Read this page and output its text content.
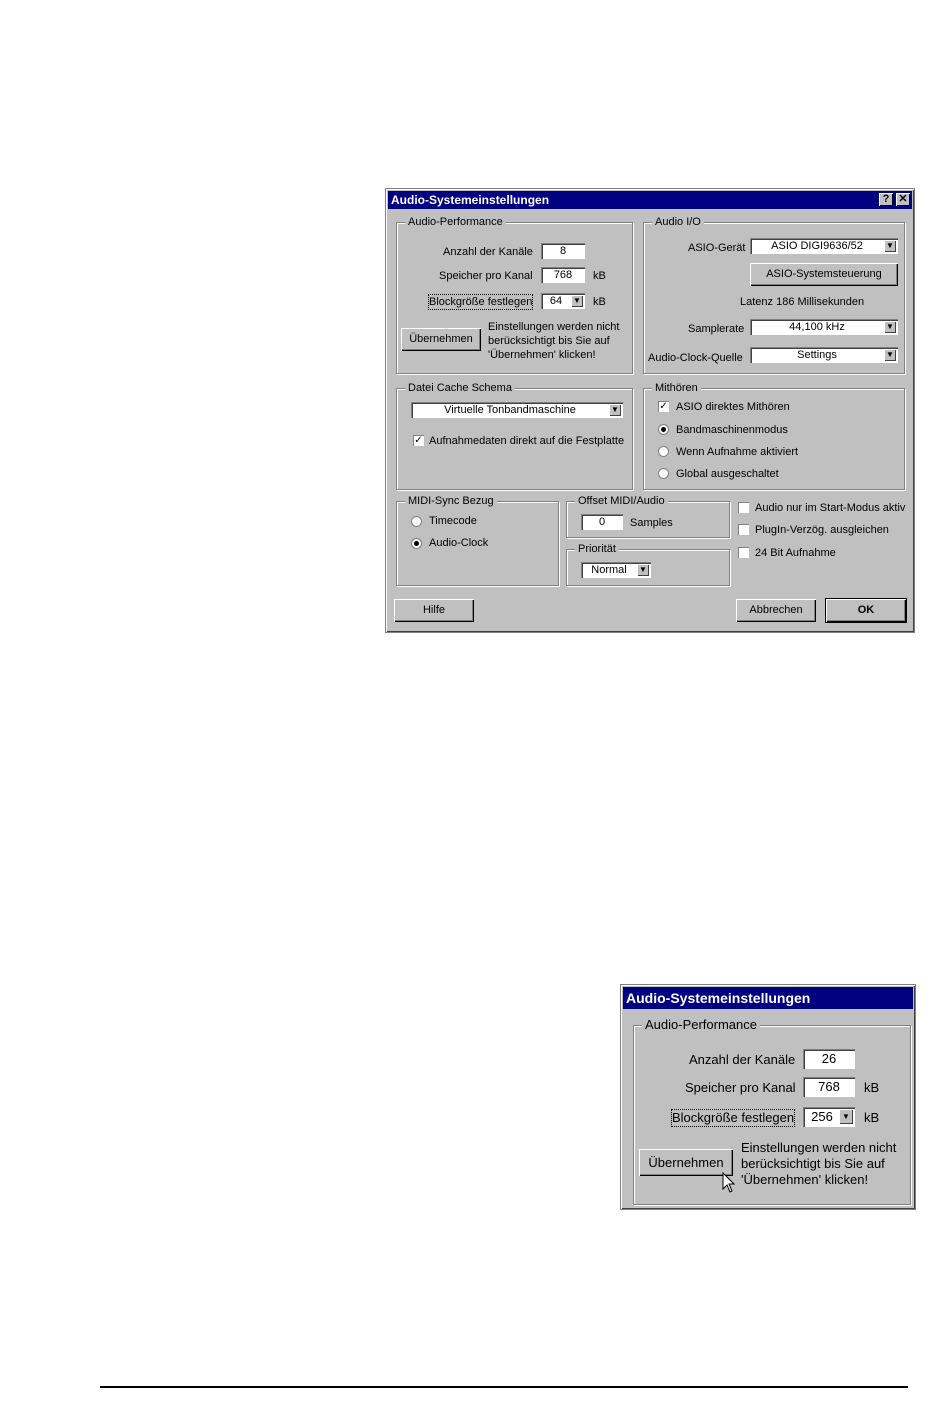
Audio-Systemeinstellungen	? ✕
Audio-Performance
Anzahl der Kanäle	8
Speicher pro Kanal	768	kB
Blockgröße festlegen	64	▼ kB
Übernehmen
Einstellungen werden nicht berücksichtigt bis Sie auf 'Übernehmen' klicken!
Audio I/O
ASIO-Gerät	ASIO DIGI9636/52	▼
ASIO-Systemsteuerung
Latenz 186 Millisekunden
Samplerate	44,100 kHz	▼
Audio-Clock-Quelle	Settings	▼
Datei Cache Schema
Virtuelle Tonbandmaschine	▼
✓ Aufnahmedaten direkt auf die Festplatte
Mithören
✓ ASIO direktes Mithören
Bandmaschinenmodus
Wenn Aufnahme aktiviert
Global ausgeschaltet
MIDI-Sync Bezug
Timecode
Audio-Clock
Offset MIDI/Audio
0	Samples
Priorität
Normal	▼
Audio nur im Start-Modus aktiv
PlugIn-Verzög. ausgleichen
24 Bit Aufnahme
Hilfe	Abbrechen	OK
Audio-Systemeinstellungen
Audio-Performance
Anzahl der Kanäle	26
Speicher pro Kanal	768	kB
Blockgröße festlegen	256	▼ kB
Übernehmen
Einstellungen werden nicht berücksichtigt bis Sie auf 'Übernehmen' klicken!
